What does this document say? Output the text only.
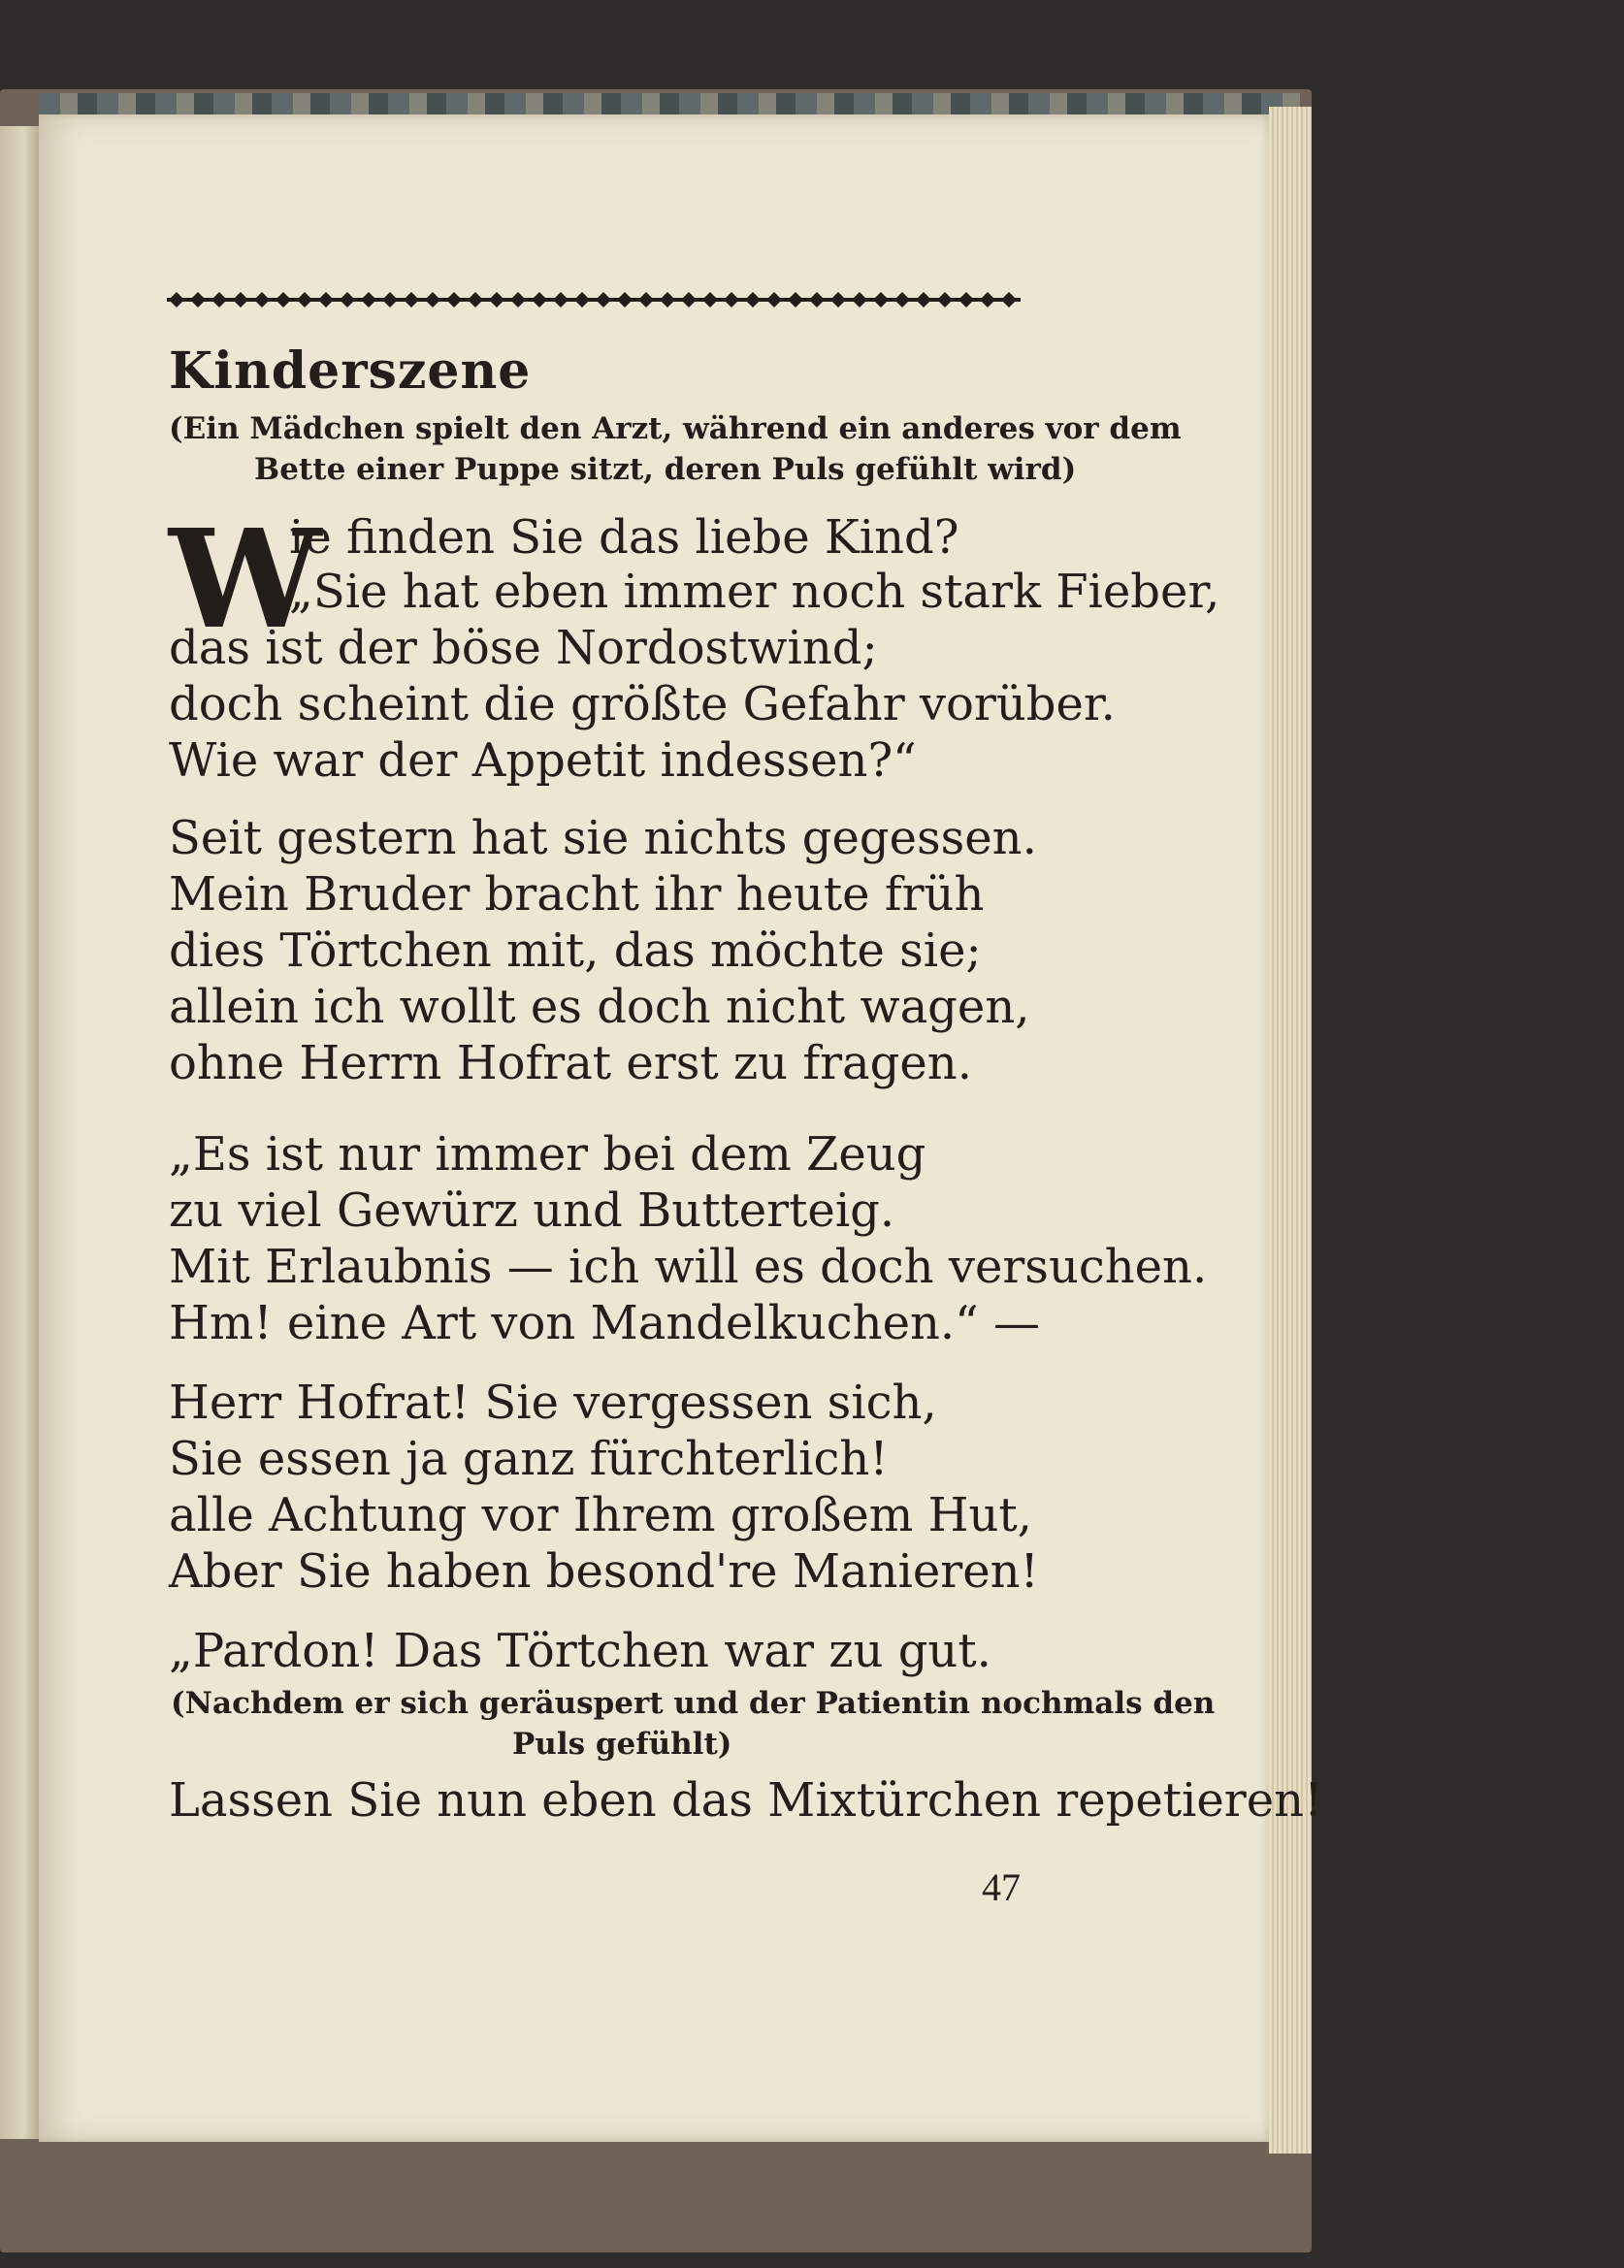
Kinderszene
(Ein Mädchen spielt den Arzt, während ein anderes vor dem
Bette einer Puppe sitzt, deren Puls gefühlt wird)
W
ie finden Sie das liebe Kind?
„Sie hat eben immer noch stark Fieber,
das ist der böse Nordostwind;
doch scheint die größte Gefahr vorüber.
Wie war der Appetit indessen?“
Seit gestern hat sie nichts gegessen.
Mein Bruder bracht ihr heute früh
dies Törtchen mit, das möchte sie;
allein ich wollt es doch nicht wagen,
ohne Herrn Hofrat erst zu fragen.
„Es ist nur immer bei dem Zeug
zu viel Gewürz und Butterteig.
Mit Erlaubnis — ich will es doch versuchen.
Hm! eine Art von Mandelkuchen.“ —
Herr Hofrat! Sie vergessen sich,
Sie essen ja ganz fürchterlich!
alle Achtung vor Ihrem großem Hut,
Aber Sie haben besond're Manieren!
„Pardon! Das Törtchen war zu gut.
(Nachdem er sich geräuspert und der Patientin nochmals den
Puls gefühlt)
Lassen Sie nun eben das Mixtürchen repetieren!
47
